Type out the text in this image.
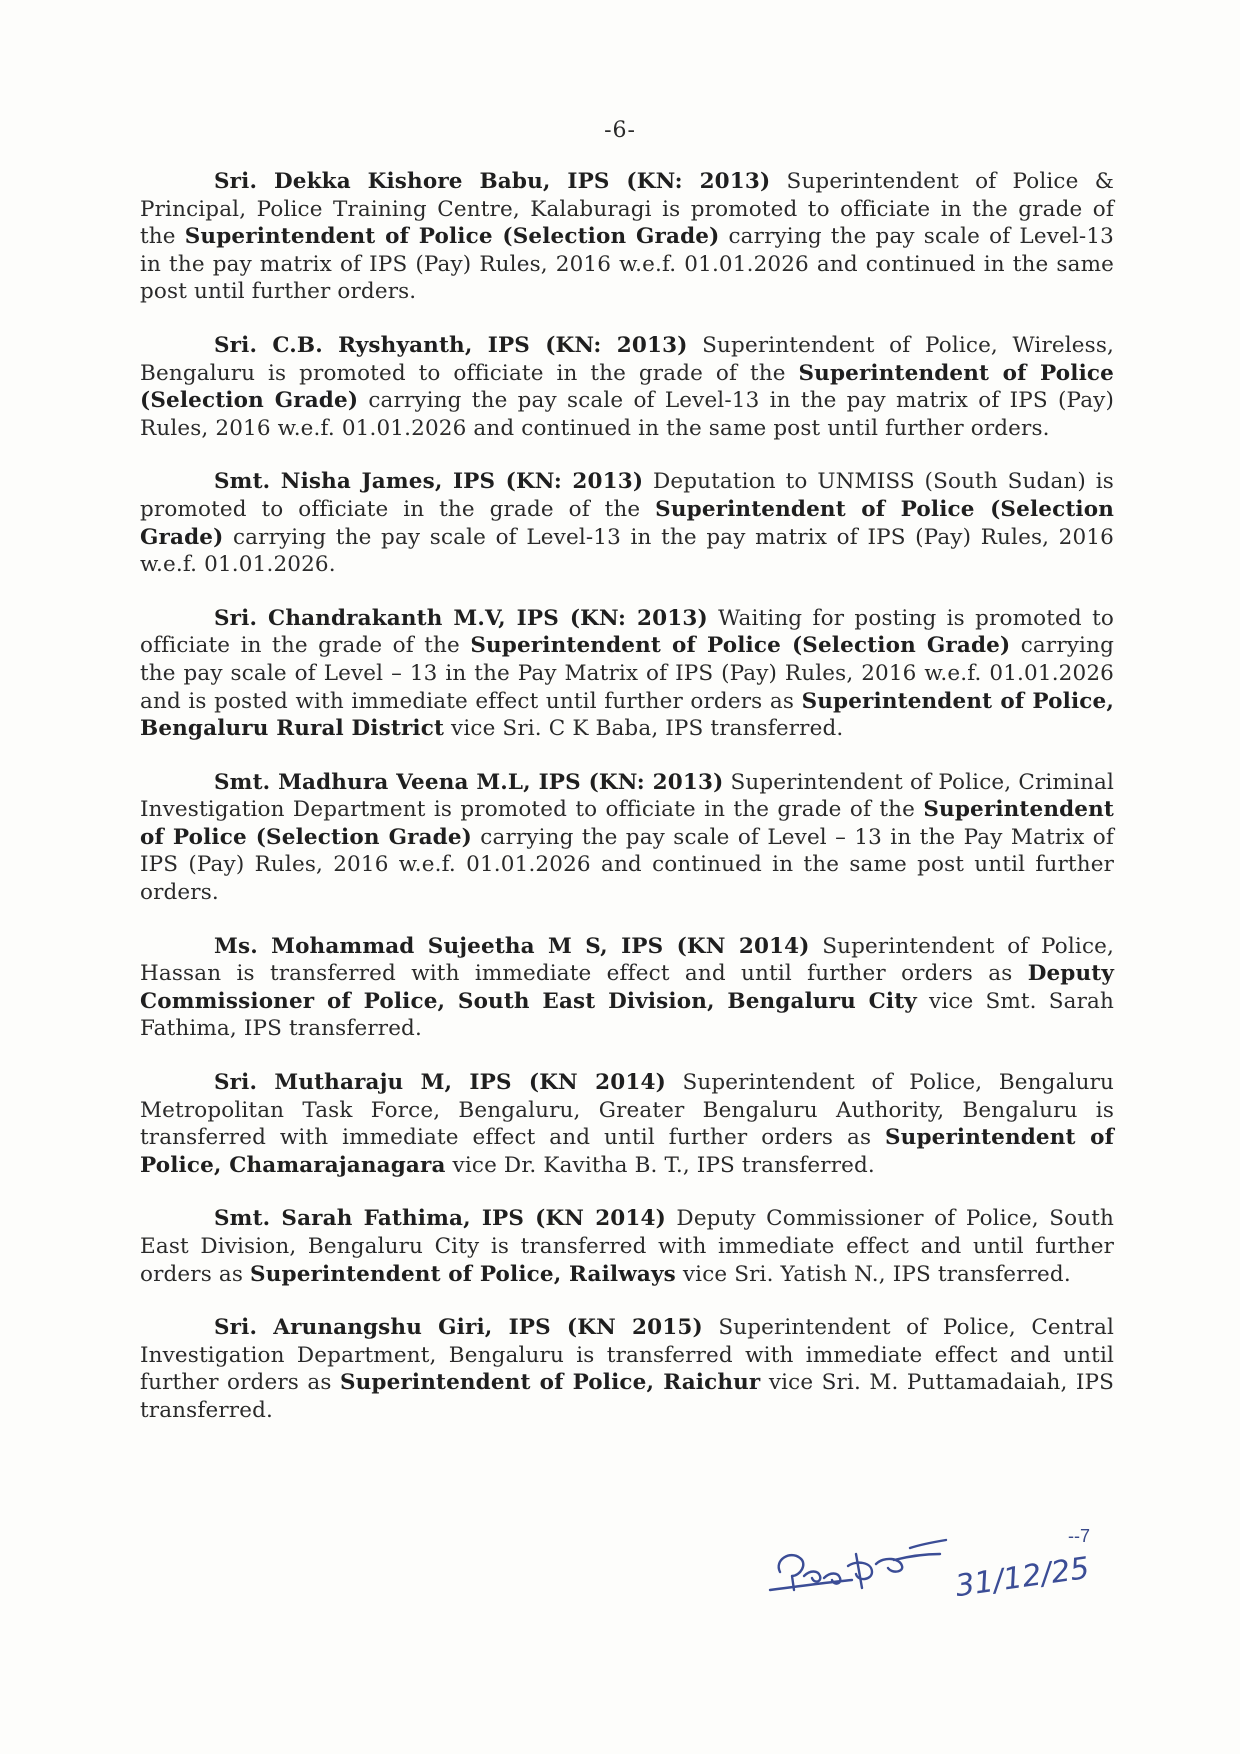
-6-

Sri. Dekka Kishore Babu, IPS (KN: 2013) Superintendent of Police & Principal, Police Training Centre, Kalaburagi is promoted to officiate in the grade of the Superintendent of Police (Selection Grade) carrying the pay scale of Level-13 in the pay matrix of IPS (Pay) Rules, 2016 w.e.f. 01.01.2026 and continued in the same post until further orders.

Sri. C.B. Ryshyanth, IPS (KN: 2013) Superintendent of Police, Wireless, Bengaluru is promoted to officiate in the grade of the Superintendent of Police (Selection Grade) carrying the pay scale of Level-13 in the pay matrix of IPS (Pay) Rules, 2016 w.e.f. 01.01.2026 and continued in the same post until further orders.

Smt. Nisha James, IPS (KN: 2013) Deputation to UNMISS (South Sudan) is promoted to officiate in the grade of the Superintendent of Police (Selection Grade) carrying the pay scale of Level-13 in the pay matrix of IPS (Pay) Rules, 2016 w.e.f. 01.01.2026.

Sri. Chandrakanth M.V, IPS (KN: 2013) Waiting for posting is promoted to officiate in the grade of the Superintendent of Police (Selection Grade) carrying the pay scale of Level – 13 in the Pay Matrix of IPS (Pay) Rules, 2016 w.e.f. 01.01.2026 and is posted with immediate effect until further orders as Superintendent of Police, Bengaluru Rural District vice Sri. C K Baba, IPS transferred.

Smt. Madhura Veena M.L, IPS (KN: 2013) Superintendent of Police, Criminal Investigation Department is promoted to officiate in the grade of the Superintendent of Police (Selection Grade) carrying the pay scale of Level – 13 in the Pay Matrix of IPS (Pay) Rules, 2016 w.e.f. 01.01.2026 and continued in the same post until further orders.

Ms. Mohammad Sujeetha M S, IPS (KN 2014) Superintendent of Police, Hassan is transferred with immediate effect and until further orders as Deputy Commissioner of Police, South East Division, Bengaluru City vice Smt. Sarah Fathima, IPS transferred.

Sri. Mutharaju M, IPS (KN 2014) Superintendent of Police, Bengaluru Metropolitan Task Force, Bengaluru, Greater Bengaluru Authority, Bengaluru is transferred with immediate effect and until further orders as Superintendent of Police, Chamarajanagara vice Dr. Kavitha B. T., IPS transferred.

Smt. Sarah Fathima, IPS (KN 2014) Deputy Commissioner of Police, South East Division, Bengaluru City is transferred with immediate effect and until further orders as Superintendent of Police, Railways vice Sri. Yatish N., IPS transferred.

Sri. Arunangshu Giri, IPS (KN 2015) Superintendent of Police, Central Investigation Department, Bengaluru is transferred with immediate effect and until further orders as Superintendent of Police, Raichur vice Sri. M. Puttamadaiah, IPS transferred.

31/12/25
--7
